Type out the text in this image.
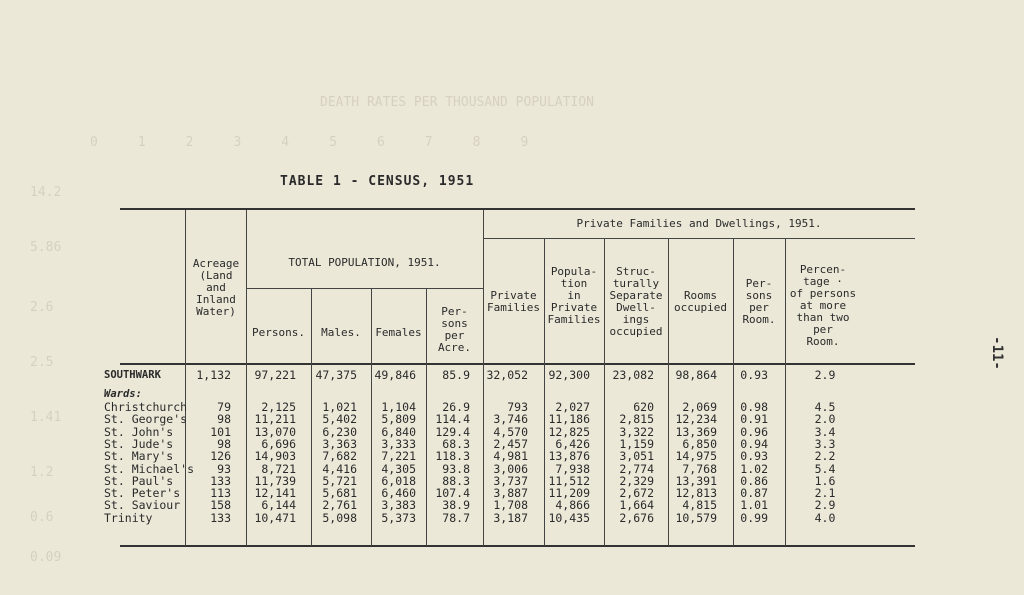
DEATH RATES PER THOUSAND POPULATION
0123456789
14.2
5.86
2.6
2.5
1.41
1.2
0.6
0.09
-11-
TABLE 1 - CENSUS, 1951
Acreage
(Land
and
Inland
Water)
TOTAL POPULATION, 1951.
Persons.	Males.	Females
Per-
sons
per
Acre.
Private Families and Dwellings, 1951.
Private
Families
Popula-
tion
in
Private
Families
Struc-
turally
Separate
Dwell-
ings
occupied
Rooms
occupied
Per-
sons
per
Room.
Percen-
tage ·
of persons
at more
than two
per
Room.
SOUTHWARK	1,132 97,221 47,375 49,846 85.9 32,052 92,300 23,082 98,864 0.93	2.9
Wards:
Christchurch	79	2,125 1,021 1,104 26.9	793 2,027	620 2,069 0.98	4.5
St. George's	98 11,211 5,402 5,809 114.4 3,746 11,186	2,815 12,234 0.91	2.0
St. John's	101 13,070 6,230 6,840 129.4 4,570 12,825	3,322 13,369 0.96	3.4
St. Jude's	98	6,696 3,363 3,333 68.3 2,457 6,426	1,159 6,850 0.94	3.3
St. Mary's	126 14,903 7,682 7,221 118.3 4,981 13,876	3,051 14,975 0.93	2.2
St. Michael's 93	8,721 4,416 4,305 93.8 3,006 7,938	2,774 7,768 1.02	5.4
St. Paul's	133 11,739 5,721 6,018 88.3 3,737 11,512	2,329 13,391 0.86	1.6
St. Peter's	113 12,141 5,681 6,460 107.4 3,887 11,209	2,672 12,813 0.87	2.1
St. Saviour	158	6,144 2,761 3,383 38.9 1,708 4,866	1,664 4,815 1.01	2.9
Trinity	133 10,471 5,098 5,373 78.7 3,187 10,435	2,676 10,579 0.99	4.0
